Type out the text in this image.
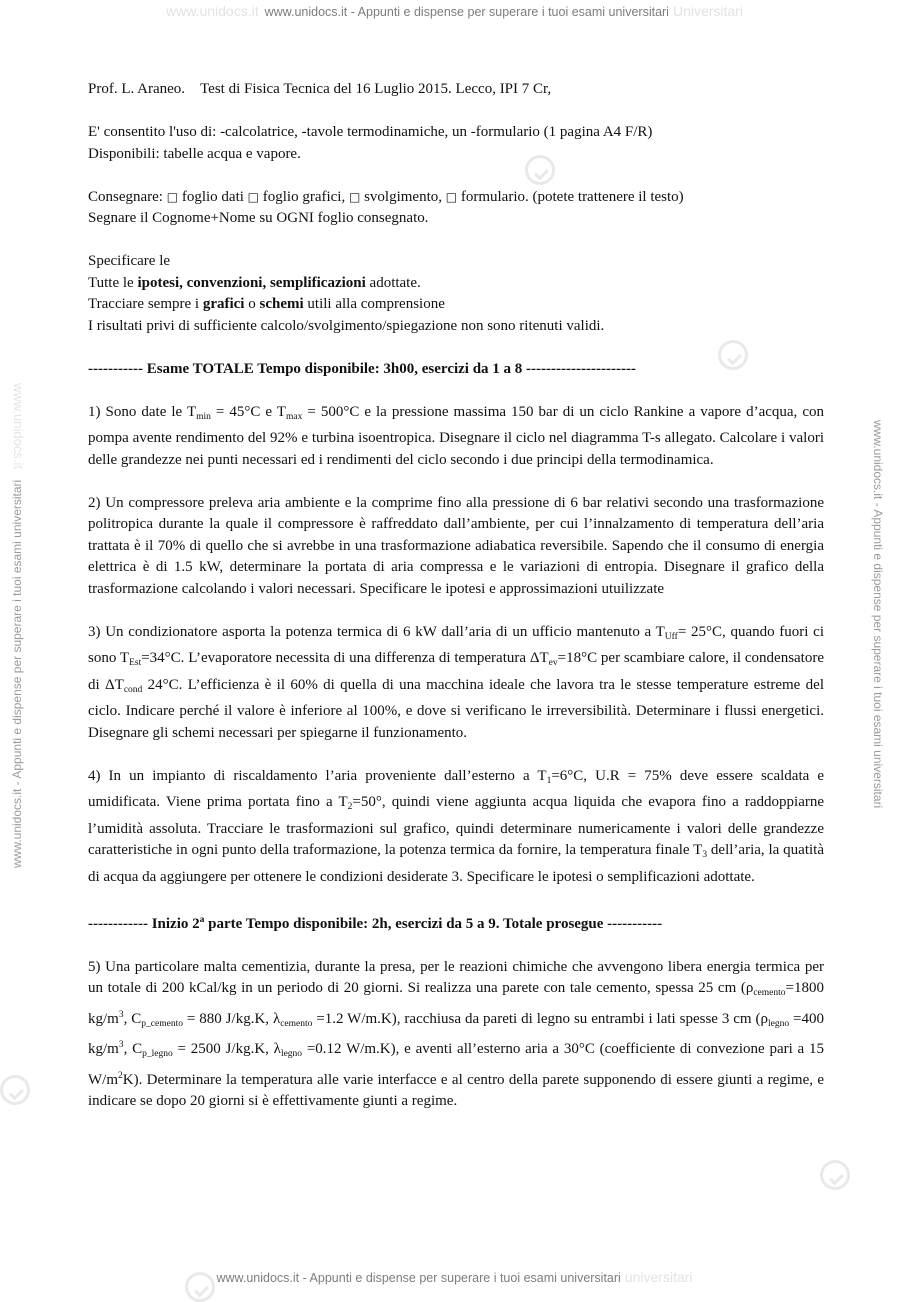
www.unidocs.it www.unidocs.it - Appunti e dispense per superare i tuoi esami universitari Universitari
www.unidocs.it - Appunti e dispense per superare i tuoi esami universitari universitari
www.unidocs.it - Appunti e dispense per superare i tuoi esami universitari
www.unidocs.it	www.unidocs.it - Appunti e dispense per superare i tuoi esami universitari

Prof. L. Araneo. Test di Fisica Tecnica del 16 Luglio 2015. Lecco, IPI 7 Cr,

E' consentito l'uso di: -calcolatrice, -tavole termodinamiche, un -formulario (1 pagina A4 F/R)

Disponibili: tabelle acqua e vapore.

Consegnare: □ foglio dati □ foglio grafici, □ svolgimento, □ formulario. (potete trattenere il testo)

Segnare il Cognome+Nome su OGNI foglio consegnato.

Specificare le

Tutte le ipotesi, convenzioni, semplificazioni adottate.

Tracciare sempre i grafici o schemi utili alla comprensione

I risultati privi di sufficiente calcolo/svolgimento/spiegazione non sono ritenuti validi.

----------- Esame TOTALE Tempo disponibile: 3h00, esercizi da 1 a 8 ----------------------

1) Sono date le $T_{min} = 45^\circ C$ e $T_{max} = 500^\circ C$ e la pressione massima 150 bar di un ciclo Rankine a vapore d’acqua, con pompa avente rendimento del 92% e turbina isoentropica. Disegnare il ciclo nel diagramma T-s allegato. Calcolare i valori delle grandezze nei punti necessari ed i rendimenti del ciclo secondo i due principi della termodinamica.

2) Un compressore preleva aria ambiente e la comprime fino alla pressione di 6 bar relativi secondo una trasformazione politropica durante la quale il compressore è raffreddato dall’ambiente, per cui l’innalzamento di temperatura dell’aria trattata è il 70% di quello che si avrebbe in una trasformazione adiabatica reversibile. Sapendo che il consumo di energia elettrica è di 1.5 kW, determinare la portata di aria compressa e le variazioni di entropia. Disegnare il grafico della trasformazione calcolando i valori necessari. Specificare le ipotesi e approssimazioni utuilizzate

3) Un condizionatore asporta la potenza termica di 6 kW dall’aria di un ufficio mantenuto a $T_{Uff}= 25^\circ C$, quando fuori ci sono $T_{Est}=34^\circ C$. L’evaporatore necessita di una differenza di temperatura $\Delta T_{ev}=18^\circ C$ per scambiare calore, il condensatore di $\Delta T_{cond}$ 24°C. L’efficienza è il 60% di quella di una macchina ideale che lavora tra le stesse temperature estreme del ciclo. Indicare perché il valore è inferiore al 100%, e dove si verificano le irreversibilità. Determinare i flussi energetici. Disegnare gli schemi necessari per spiegarne il funzionamento.

4) In un impianto di riscaldamento l’aria proveniente dall’esterno a $T_1=6^\circ C$, U.R = 75% deve essere scaldata e umidificata. Viene prima portata fino a $T_2=50^\circ$, quindi viene aggiunta acqua liquida che evapora fino a raddoppiarne l’umidità assoluta. Tracciare le trasformazioni sul grafico, quindi determinare numericamente i valori delle grandezze caratteristiche in ogni punto della traformazione, la potenza termica da fornire, la temperatura finale $T_3$ dell’aria, la quatità di acqua da aggiungere per ottenere le condizioni desiderate 3. Specificare le ipotesi o semplificazioni adottate.

------------ Inizio 2$^a$ parte Tempo disponibile: 2h, esercizi da 5 a 9. Totale prosegue -----------

5) Una particolare malta cementizia, durante la presa, per le reazioni chimiche che avvengono libera energia termica per un totale di 200 kCal/kg in un periodo di 20 giorni. Si realizza una parete con tale cemento, spessa 25 cm ($\rho_{cemento}=1800$ $kg/m^3$, $C_{p\_cemento} = 880$ J/kg.K, $\lambda_{cemento} =1.2$ W/m.K), racchiusa da pareti di legno su entrambi i lati spesse 3 cm ($\rho_{legno} =400$ $kg/m^3$, $C_{p\_legno} = 2500$ J/kg.K, $\lambda_{legno} =0.12$ W/m.K), e aventi all’esterno aria a 30°C (coefficiente di convezione pari a 15 $W/m^2K$). Determinare la temperatura alle varie interfacce e al centro della parete supponendo di essere giunti a regime, e indicare se dopo 20 giorni si è effettivamente giunti a regime.
